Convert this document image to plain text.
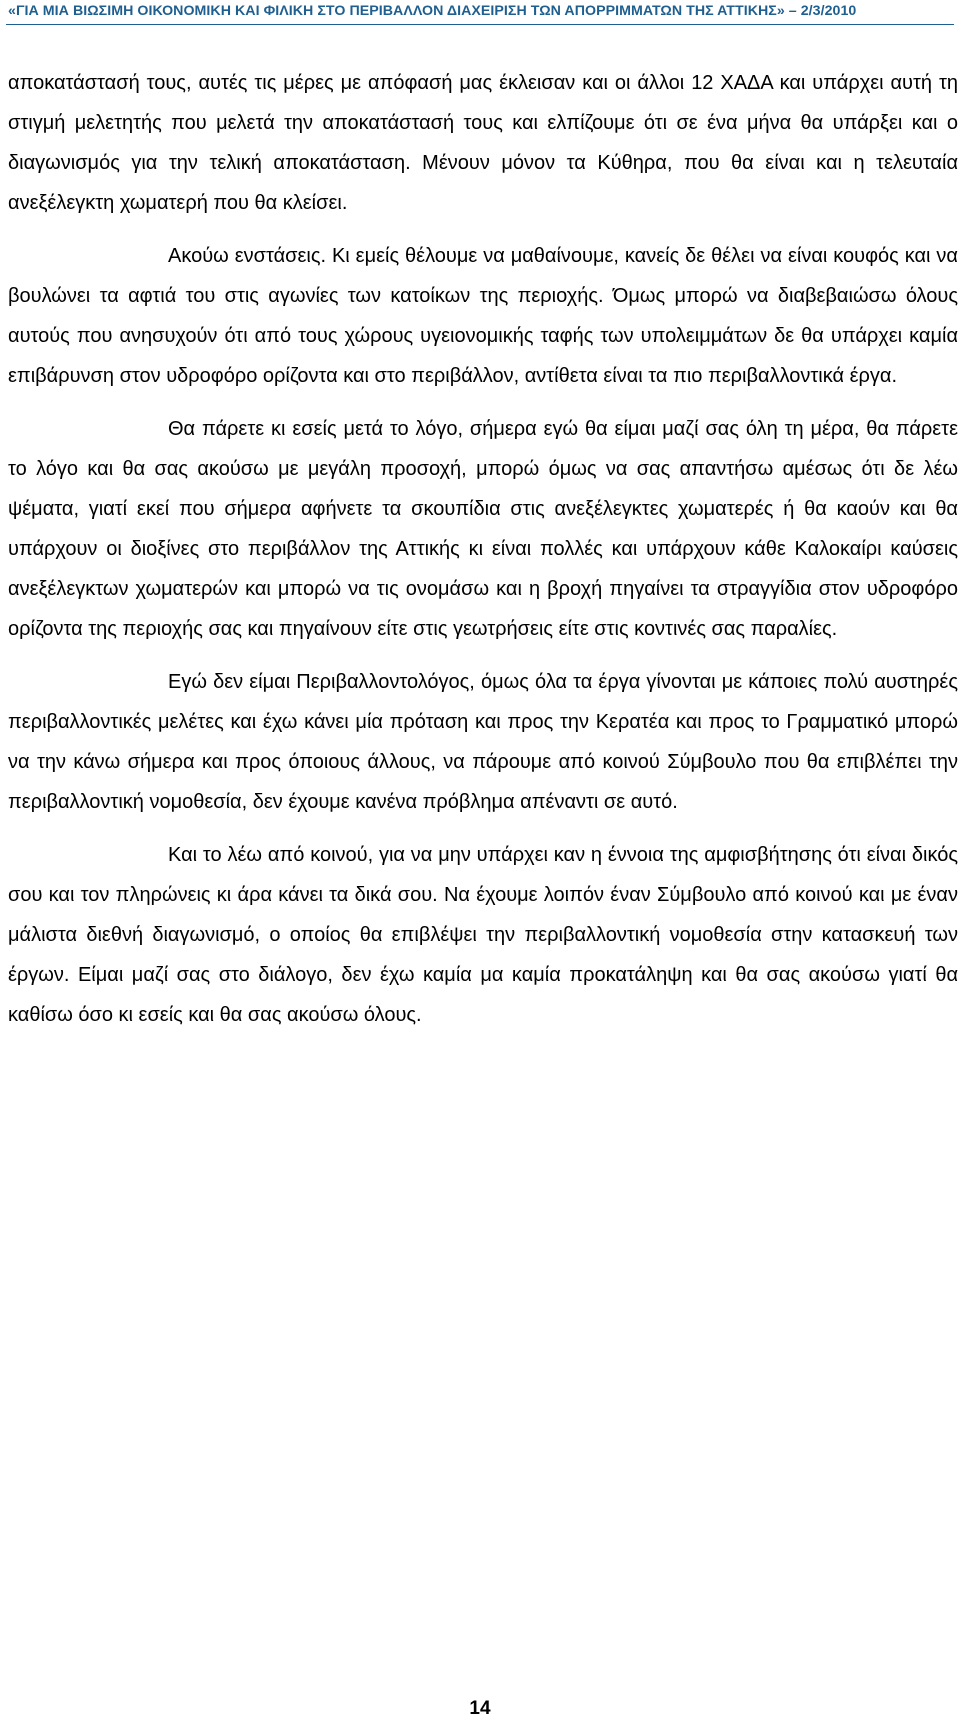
«ΓΙΑ ΜΙΑ ΒΙΩΣΙΜΗ ΟΙΚΟΝΟΜΙΚΗ ΚΑΙ ΦΙΛΙΚΗ ΣΤΟ ΠΕΡΙΒΑΛΛΟΝ ΔΙΑΧΕΙΡΙΣΗ ΤΩΝ ΑΠΟΡΡΙΜΜΑΤΩΝ ΤΗΣ ΑΤΤΙΚΗΣ» – 2/3/2010

αποκατάστασή τους, αυτές τις μέρες με απόφασή μας έκλεισαν και οι άλλοι 12 ΧΑΔΑ και υπάρχει αυτή τη στιγμή μελετητής που μελετά την αποκατάστασή τους και ελπίζουμε ότι σε ένα μήνα θα υπάρξει και ο διαγωνισμός για την τελική αποκατάσταση. Μένουν μόνον τα Κύθηρα, που θα είναι και η τελευταία ανεξέλεγκτη χωματερή που θα κλείσει.

Ακούω ενστάσεις. Κι εμείς θέλουμε να μαθαίνουμε, κανείς δε θέλει να είναι κουφός και να βουλώνει τα αφτιά του στις αγωνίες των κατοίκων της περιοχής. Όμως μπορώ να διαβεβαιώσω όλους αυτούς που ανησυχούν ότι από τους χώρους υγειονομικής ταφής των υπολειμμάτων δε θα υπάρχει καμία επιβάρυνση στον υδροφόρο ορίζοντα και στο περιβάλλον, αντίθετα είναι τα πιο περιβαλλοντικά έργα.

Θα πάρετε κι εσείς μετά το λόγο, σήμερα εγώ θα είμαι μαζί σας όλη τη μέρα, θα πάρετε το λόγο και θα σας ακούσω με μεγάλη προσοχή, μπορώ όμως να σας απαντήσω αμέσως ότι δε λέω ψέματα, γιατί εκεί που σήμερα αφήνετε τα σκουπίδια στις ανεξέλεγκτες χωματερές ή θα καούν και θα υπάρχουν οι διοξίνες στο περιβάλλον της Αττικής κι είναι πολλές και υπάρχουν κάθε Καλοκαίρι καύσεις ανεξέλεγκτων χωματερών και μπορώ να τις ονομάσω και η βροχή πηγαίνει τα στραγγίδια στον υδροφόρο ορίζοντα της περιοχής σας και πηγαίνουν είτε στις γεωτρήσεις είτε στις κοντινές σας παραλίες.

Εγώ δεν είμαι Περιβαλλοντολόγος, όμως όλα τα έργα γίνονται με κάποιες πολύ αυστηρές περιβαλλοντικές μελέτες και έχω κάνει μία πρόταση και προς την Κερατέα και προς το Γραμματικό μπορώ να την κάνω σήμερα και προς όποιους άλλους, να πάρουμε από κοινού Σύμβουλο που θα επιβλέπει την περιβαλλοντική νομοθεσία, δεν έχουμε κανένα πρόβλημα απέναντι σε αυτό.

Και το λέω από κοινού, για να μην υπάρχει καν η έννοια της αμφισβήτησης ότι είναι δικός σου και τον πληρώνεις κι άρα κάνει τα δικά σου. Να έχουμε λοιπόν έναν Σύμβουλο από κοινού και με έναν μάλιστα διεθνή διαγωνισμό, ο οποίος θα επιβλέψει την περιβαλλοντική νομοθεσία στην κατασκευή των έργων. Είμαι μαζί σας στο διάλογο, δεν έχω καμία μα καμία προκατάληψη και θα σας ακούσω γιατί θα καθίσω όσο κι εσείς και θα σας ακούσω όλους.

14
